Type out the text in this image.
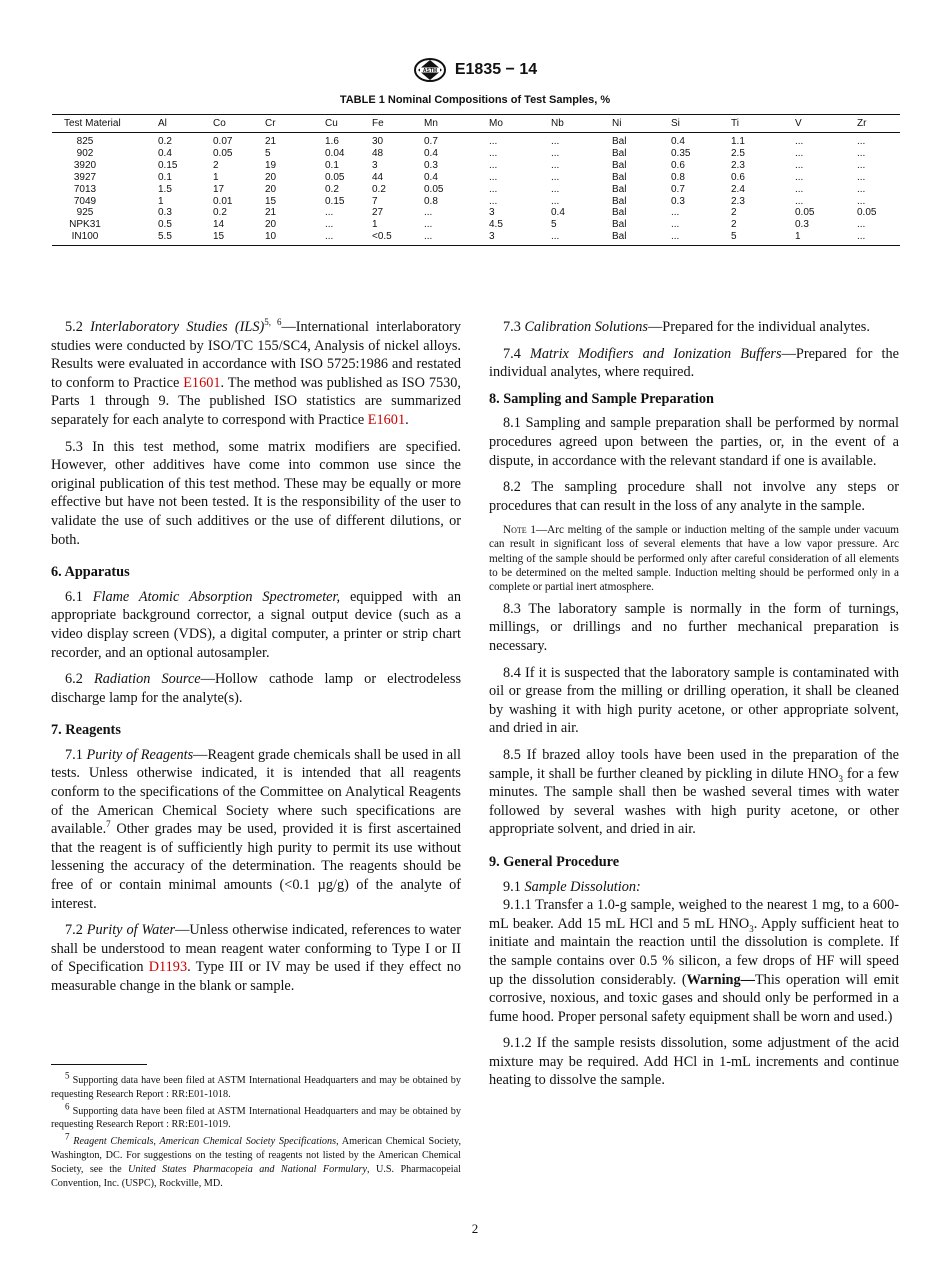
ASTM E1835 − 14
TABLE 1 Nominal Compositions of Test Samples, %
Test Material	Al	Co	Cr	Cu	Fe	Mn	Mo	Nb	Ni	Si	Ti	V	Zr
825	0.2	0.07	21	1.6	30	0.7	...	...	Bal	0.4	1.1	...	...
902	0.4	0.05	5	0.04	48	0.4	...	...	Bal	0.35	2.5	...	...
3920	0.15	2	19	0.1	3	0.3	...	...	Bal	0.6	2.3	...	...
3927	0.1	1	20	0.05	44	0.4	...	...	Bal	0.8	0.6	...	...
7013	1.5	17	20	0.2	0.2	0.05	...	...	Bal	0.7	2.4	...	...
7049	1	0.01	15	0.15	7	0.8	...	...	Bal	0.3	2.3	...	...
925	0.3	0.2	21	...	27	...	3	0.4	Bal	...	2	0.05	0.05
NPK31	0.5	14	20	...	1	...	4.5	5	Bal	...	2	0.3	...
IN100	5.5	15	10	...	<0.5	...	3	...	Bal	...	5	1	...

5.2 Interlaboratory Studies (ILS)$^{5, 6}$—International interlaboratory studies were conducted by ISO/TC 155/SC4, Analysis of nickel alloys. Results were evaluated in accordance with ISO 5725:1986 and restated to conform to Practice E1601. The method was published as ISO 7530, Parts 1 through 9. The published ISO statistics are summarized separately for each analyte to correspond with Practice E1601.

5.3 In this test method, some matrix modifiers are specified. However, other additives have come into common use since the original publication of this test method. These may be equally or more effective but have not been tested. It is the responsibility of the user to validate the use of such additives or the use of different dilutions, or both.

6. Apparatus

6.1 Flame Atomic Absorption Spectrometer, equipped with an appropriate background corrector, a signal output device (such as a video display screen (VDS), a digital computer, a printer or strip chart recorder, and an optional autosampler.

6.2 Radiation Source—Hollow cathode lamp or electrodeless discharge lamp for the analyte(s).

7. Reagents

7.1 Purity of Reagents—Reagent grade chemicals shall be used in all tests. Unless otherwise indicated, it is intended that all reagents conform to the specifications of the Committee on Analytical Reagents of the American Chemical Society where such specifications are available.$^7$ Other grades may be used, provided it is first ascertained that the reagent is of sufficiently high purity to permit its use without lessening the accuracy of the determination. The reagents should be free of or contain minimal amounts (<0.1 µg/g) of the analyte of interest.

7.2 Purity of Water—Unless otherwise indicated, references to water shall be understood to mean reagent water conforming to Type I or II of Specification D1193. Type III or IV may be used if they effect no measurable change in the blank or sample.

$^5$ Supporting data have been filed at ASTM International Headquarters and may be obtained by requesting Research Report : RR:E01-1018.

$^6$ Supporting data have been filed at ASTM International Headquarters and may be obtained by requesting Research Report : RR:E01-1019.

$^7$ Reagent Chemicals, American Chemical Society Specifications, American Chemical Society, Washington, DC. For suggestions on the testing of reagents not listed by the American Chemical Society, see the United States Pharmacopeia and National Formulary, U.S. Pharmacopeial Convention, Inc. (USPC), Rockville, MD.

7.3 Calibration Solutions—Prepared for the individual analytes.

7.4 Matrix Modifiers and Ionization Buffers—Prepared for the individual analytes, where required.

8. Sampling and Sample Preparation

8.1 Sampling and sample preparation shall be performed by normal procedures agreed upon between the parties, or, in the event of a dispute, in accordance with the relevant standard if one is available.

8.2 The sampling procedure shall not involve any steps or procedures that can result in the loss of any analyte in the sample.

Note 1—Arc melting of the sample or induction melting of the sample under vacuum can result in significant loss of several elements that have a low vapor pressure. Arc melting of the sample should be performed only after careful consideration of all elements to be determined on the melted sample. Induction melting should be performed only in a complete or partial inert atmosphere.

8.3 The laboratory sample is normally in the form of turnings, millings, or drillings and no further mechanical preparation is necessary.

8.4 If it is suspected that the laboratory sample is contaminated with oil or grease from the milling or drilling operation, it shall be cleaned by washing it with high purity acetone, or other appropriate solvent, and dried in air.

8.5 If brazed alloy tools have been used in the preparation of the sample, it shall be further cleaned by pickling in dilute $HNO_3$ for a few minutes. The sample shall then be washed several times with water followed by several washes with high purity acetone, or other appropriate solvent, and dried in air.

9. General Procedure

9.1 Sample Dissolution:

9.1.1 Transfer a 1.0-g sample, weighed to the nearest 1 mg, to a 600-mL beaker. Add 15 mL HCl and 5 mL $HNO_3$. Apply sufficient heat to initiate and maintain the reaction until the dissolution is complete. If the sample contains over 0.5 % silicon, a few drops of HF will speed up the dissolution considerably. (Warning—This operation will emit corrosive, noxious, and toxic gases and should only be performed in a fume hood. Proper personal safety equipment shall be worn and used.)

9.1.2 If the sample resists dissolution, some adjustment of the acid mixture may be required. Add HCl in 1-mL increments and continue heating to dissolve the sample.

2
